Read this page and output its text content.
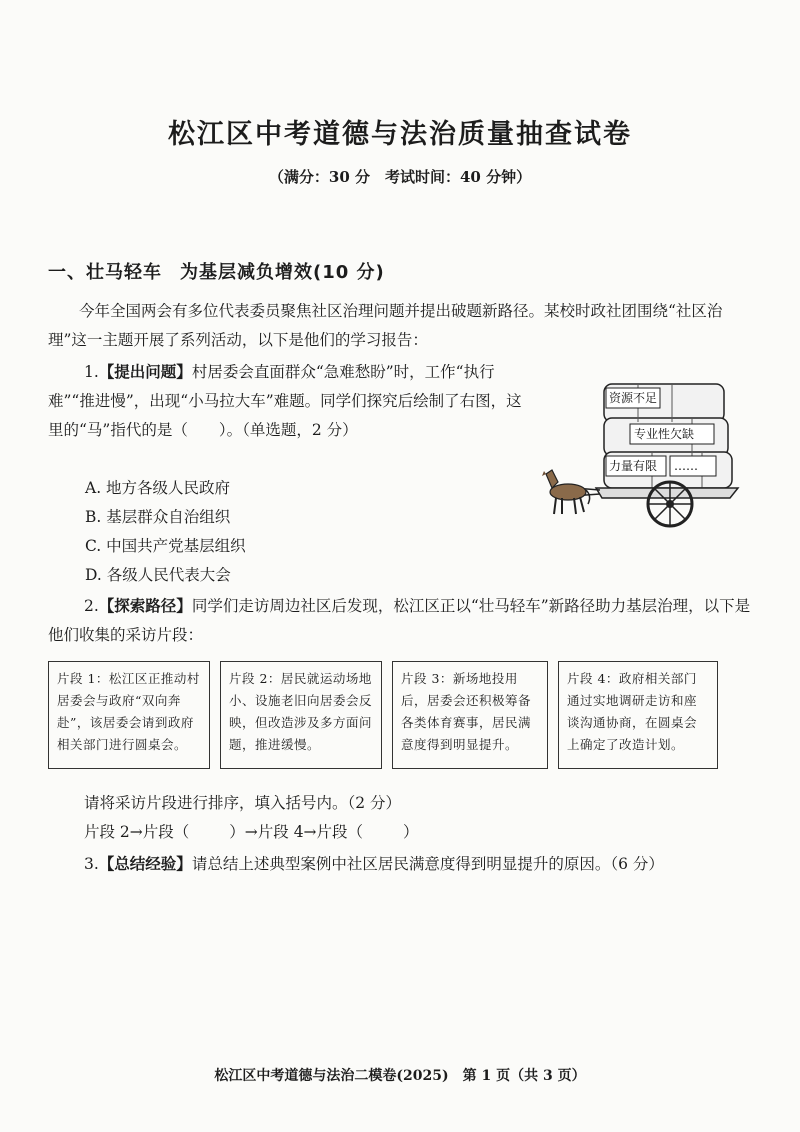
松江区中考道德与法治质量抽查试卷
（满分：30 分　考试时间：40 分钟）
一、壮马轻车 为基层减负增效(10 分)
今年全国两会有多位代表委员聚焦社区治理问题并提出破题新路径。某校时政社团围绕“社区治理”这一主题开展了系列活动，以下是他们的学习报告：
1.【提出问题】村居委会直面群众“急难愁盼”时，工作“执行难”“推进慢”，出现“小马拉大车”难题。同学们探究后绘制了右图，这里的“马”指代的是（　　）。（单选题，2 分）
资源不足
专业性欠缺
力量有限 ……
A. 地方各级人民政府
B. 基层群众自治组织
C. 中国共产党基层组织
D. 各级人民代表大会
2.【探索路径】同学们走访周边社区后发现，松江区正以“壮马轻车”新路径助力基层治理，以下是他们收集的采访片段：
片段 1：松江区正推动村居委会与政府“双向奔赴”，该居委会请到政府相关部门进行圆桌会。
片段 2：居民就运动场地小、设施老旧向居委会反映，但改造涉及多方面问题，推进缓慢。
片段 3：新场地投用后，居委会还积极筹备各类体育赛事，居民满意度得到明显提升。
片段 4：政府相关部门通过实地调研走访和座谈沟通协商，在圆桌会上确定了改造计划。
请将采访片段进行排序，填入括号内。（2 分）
片段 2→片段（	）→片段 4→片段（	）
3.【总结经验】请总结上述典型案例中社区居民满意度得到明显提升的原因。（6 分）
松江区中考道德与法治二模卷(2025)　第 1 页（共 3 页）
